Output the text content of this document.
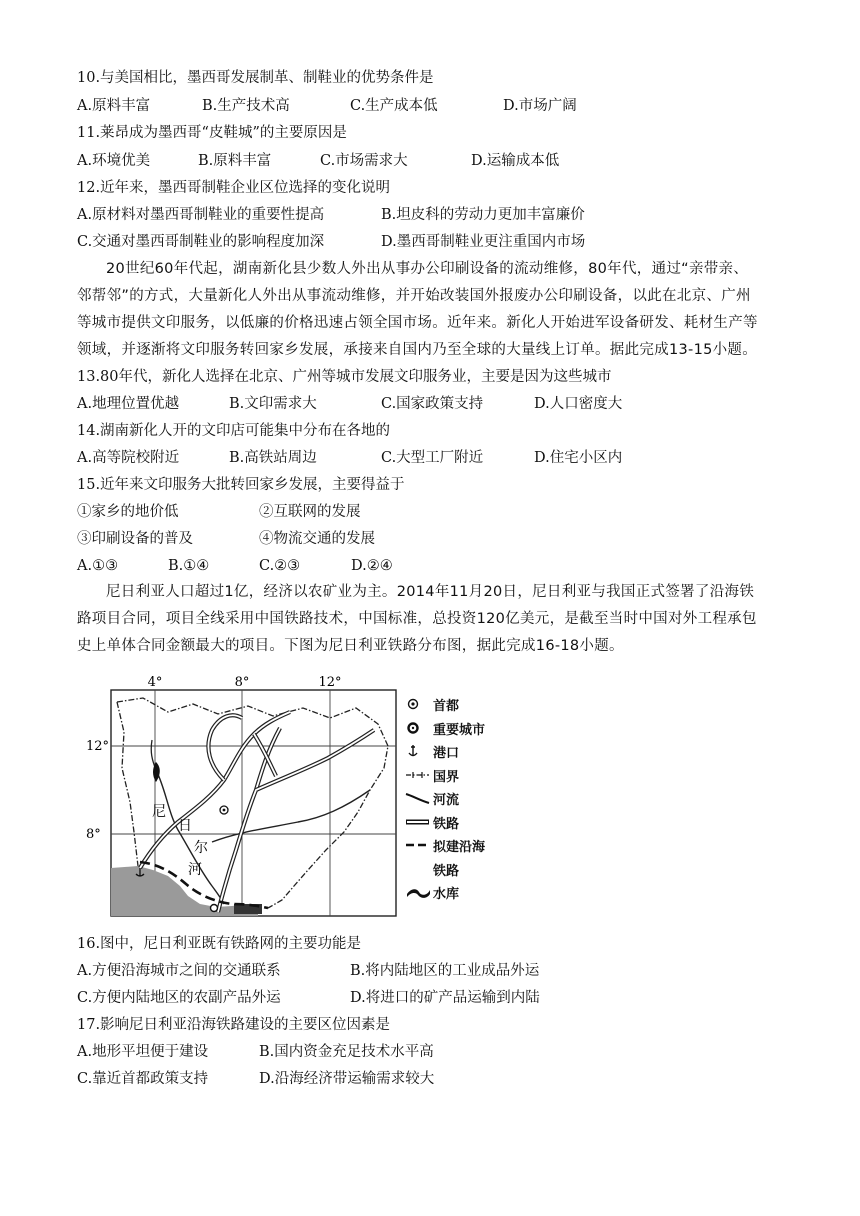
10.与美国相比，墨西哥发展制革、制鞋业的优势条件是
A.原料丰富	B.生产技术高	C.生产成本低	D.市场广阔
11.莱昂成为墨西哥“皮鞋城”的主要原因是
A.环境优美	B.原料丰富	C.市场需求大	D.运输成本低
12.近年来，墨西哥制鞋企业区位选择的变化说明
A.原材料对墨西哥制鞋业的重要性提高	B.坦皮科的劳动力更加丰富廉价
C.交通对墨西哥制鞋业的影响程度加深	D.墨西哥制鞋业更注重国内市场
20世纪60年代起，湖南新化县少数人外出从事办公印刷设备的流动维修，80年代，通过“亲带亲、
邻帮邻”的方式，大量新化人外出从事流动维修，并开始改装国外报废办公印刷设备，以此在北京、广州
等城市提供文印服务，以低廉的价格迅速占领全国市场。近年来。新化人开始进军设备研发、耗材生产等
领域，并逐渐将文印服务转回家乡发展，承接来自国内乃至全球的大量线上订单。据此完成13-15小题。
13.80年代，新化人选择在北京、广州等城市发展文印服务业，主要是因为这些城市
A.地理位置优越	B.文印需求大	C.国家政策支持	D.人口密度大
14.湖南新化人开的文印店可能集中分布在各地的
A.高等院校附近	B.高铁站周边	C.大型工厂附近	D.住宅小区内
15.近年来文印服务大批转回家乡发展，主要得益于
①家乡的地价低	②互联网的发展
③印刷设备的普及	④物流交通的发展
A.①③	B.①④	C.②③	D.②④
尼日利亚人口超过1亿，经济以农矿业为主。2014年11月20日，尼日利亚与我国正式签署了沿海铁
路项目合同，项目全线采用中国铁路技术，中国标准，总投资120亿美元，是截至当时中国对外工程承包
史上单体合同金额最大的项目。下图为尼日利亚铁路分布图，据此完成16-18小题。
4°	8°	12°
12°
8°
尼
日
尔
河
首都
重要城市
港口
国界
河流
铁路
拟建沿海
铁路
水库
16.图中，尼日利亚既有铁路网的主要功能是
A.方便沿海城市之间的交通联系	B.将内陆地区的工业成品外运
C.方便内陆地区的农副产品外运	D.将进口的矿产品运输到内陆
17.影响尼日利亚沿海铁路建设的主要区位因素是
A.地形平坦便于建设	B.国内资金充足技术水平高
C.靠近首都政策支持	D.沿海经济带运输需求较大
